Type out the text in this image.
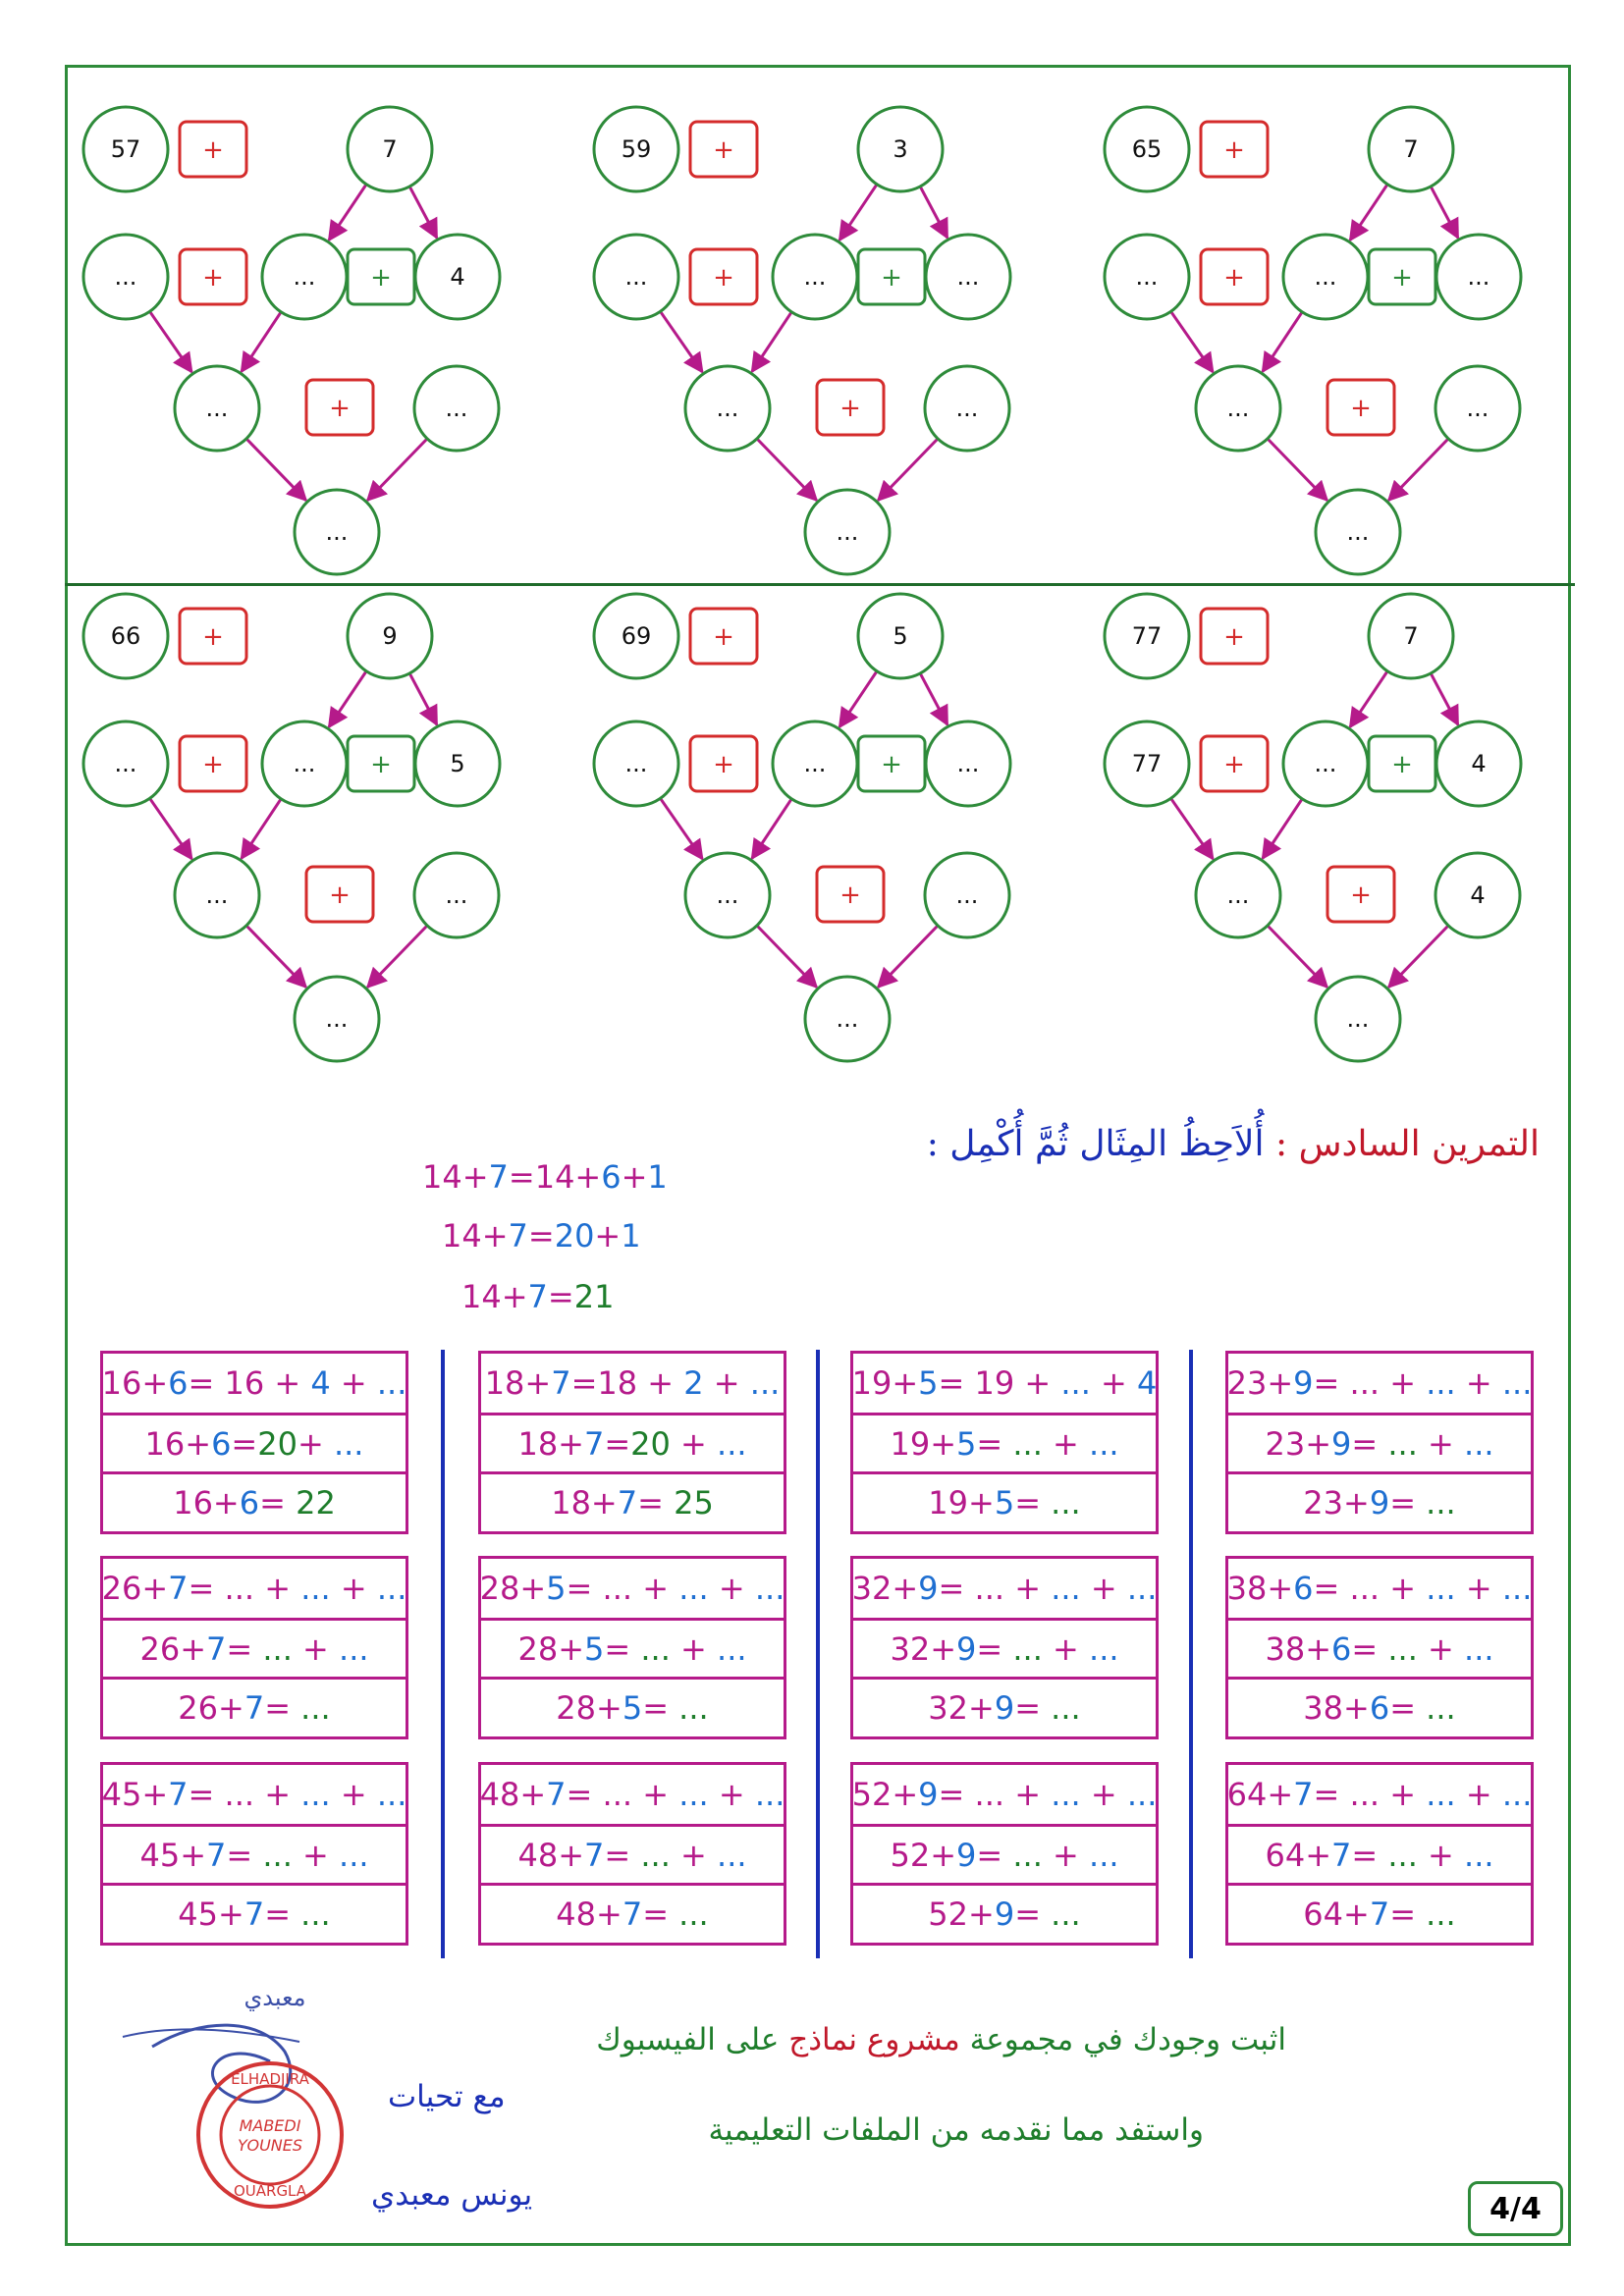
57	7
...	...	4
...	...
...
+
+	+
+
59	3
...	...	...
...	...
...
+
+	+
+
65	7
...	...	...
...	...
...
+
+	+
+
66	9
...	...	5
...	...
...
+
+	+
+
69	5
...	...	...
...	...
...
+
+	+
+
77	7
77	...	4
...	4
...
+
+	+
+
التمرين السادس : أُلاَحِظُ المِثَال ثُمَّ أُكْمِل :
14+7=14+6+1
14+7=20+1
14+7=21
16+ 6 = 16 + 4 + ...
16+ 6 = 20 + ...
16+ 6 = 22
26+ 7 = ... + ... + ...
26+ 7 = ... + ...
26+ 7 = ...
45+ 7 = ... + ... + ...
45+ 7 = ... + ...
45+ 7 = ...
18+ 7 =18 + 2 + ...
18+ 7 = 20 + ...
18+ 7 = 25
28+ 5 = ... + ... + ...
28+ 5 = ... + ...
28+ 5 = ...
48+ 7 = ... + ... + ...
48+ 7 = ... + ...
48+ 7 = ...
19+ 5 = 19 + ... + 4
19+ 5 = ... + ...
19+ 5 = ...
32+ 9 = ... + ... + ...
32+ 9 = ... + ...
32+ 9 = ...
52+ 9 = ... + ... + ...
52+ 9 = ... + ...
52+ 9 = ...
23+ 9 = ... + ... + ...
23+ 9 = ... + ...
23+ 9 = ...
38+ 6 = ... + ... + ...
38+ 6 = ... + ...
38+ 6 = ...
64+ 7 = ... + ... + ...
64+ 7 = ... + ...
64+ 7 = ...
اثبت وجودك في مجموعة مشروع نماذج على الفيسبوك
واستفد مما نقدمه من الملفات التعليمية
مع تحيات
يونس معبدي
معبدي
ELHADJIRA
MABEDI
YOUNES
OUARGLA
4/4
